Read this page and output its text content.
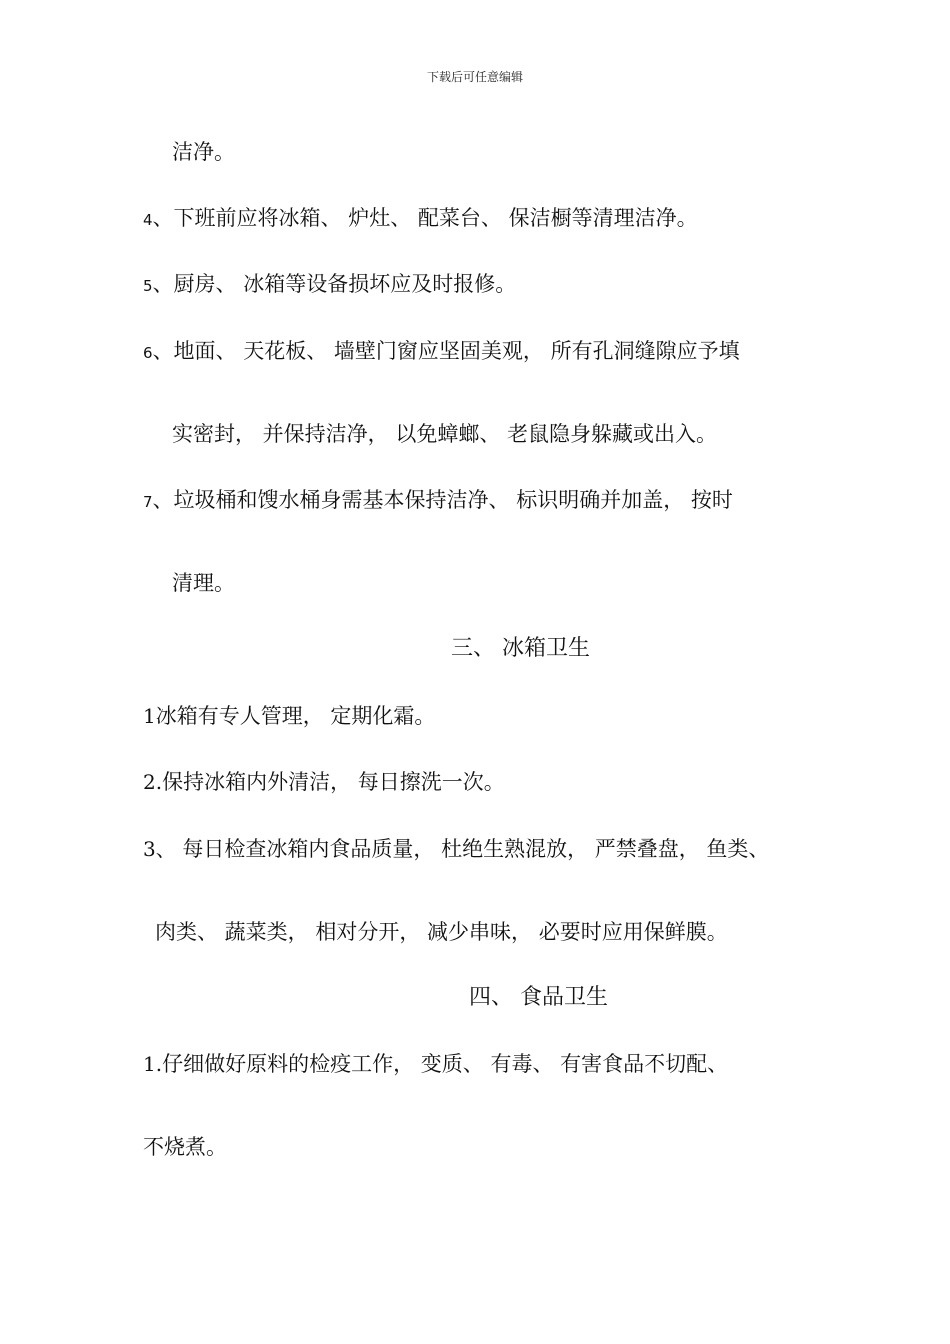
下载后可任意编辑
洁净。
4、下班前应将冰箱、 炉灶、 配菜台、 保洁橱等清理洁净。
5、厨房、 冰箱等设备损坏应及时报修。
6、地面、 天花板、 墙壁门窗应坚固美观， 所有孔洞缝隙应予填
实密封， 并保持洁净， 以免蟑螂、 老鼠隐身躲藏或出入。
7、垃圾桶和馊水桶身需基本保持洁净、 标识明确并加盖， 按时
清理。
三、 冰箱卫生
1冰箱有专人管理， 定期化霜。
2.保持冰箱内外清洁， 每日擦洗一次。
3、 每日检查冰箱内食品质量， 杜绝生熟混放， 严禁叠盘， 鱼类、
肉类、 蔬菜类， 相对分开， 减少串味， 必要时应用保鲜膜。
四、 食品卫生
1.仔细做好原料的检疫工作， 变质、 有毒、 有害食品不切配、
不烧煮。
